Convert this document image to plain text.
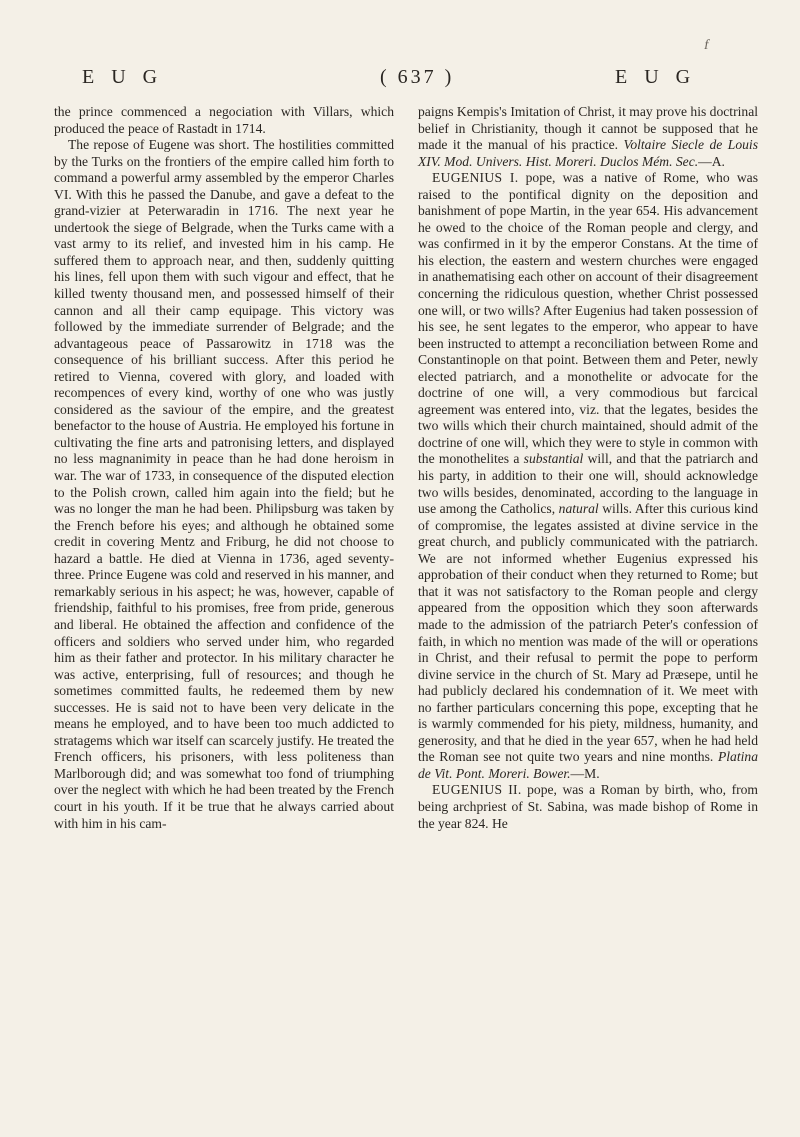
f
E U G	( 637 )	E U G

the prince commenced a negociation with Villars, which produced the peace of Rastadt in 1714.

The repose of Eugene was short. The hostilities committed by the Turks on the frontiers of the empire called him forth to command a powerful army assembled by the emperor Charles VI. With this he passed the Danube, and gave a defeat to the grand-vizier at Peterwaradin in 1716. The next year he undertook the siege of Belgrade, when the Turks came with a vast army to its relief, and invested him in his camp. He suffered them to approach near, and then, suddenly quitting his lines, fell upon them with such vigour and effect, that he killed twenty thousand men, and possessed himself of their cannon and all their camp equipage. This victory was followed by the immediate surrender of Belgrade; and the advantageous peace of Passarowitz in 1718 was the consequence of his brilliant success. After this period he retired to Vienna, covered with glory, and loaded with recompences of every kind, worthy of one who was justly considered as the saviour of the empire, and the greatest benefactor to the house of Austria. He employed his fortune in cultivating the fine arts and patronising letters, and displayed no less magnanimity in peace than he had done heroism in war. The war of 1733, in consequence of the disputed election to the Polish crown, called him again into the field; but he was no longer the man he had been. Philipsburg was taken by the French before his eyes; and although he obtained some credit in covering Mentz and Friburg, he did not choose to hazard a battle. He died at Vienna in 1736, aged seventy-three. Prince Eugene was cold and reserved in his manner, and remarkably serious in his aspect; he was, however, capable of friendship, faithful to his promises, free from pride, generous and liberal. He obtained the affection and confidence of the officers and soldiers who served under him, who regarded him as their father and protector. In his military character he was active, enterprising, full of resources; and though he sometimes committed faults, he redeemed them by new successes. He is said not to have been very delicate in the means he employed, and to have been too much addicted to stratagems which war itself can scarcely justify. He treated the French officers, his prisoners, with less politeness than Marlborough did; and was somewhat too fond of triumphing over the neglect with which he had been treated by the French court in his youth. If it be true that he always carried about with him in his cam-

paigns Kempis's Imitation of Christ, it may prove his doctrinal belief in Christianity, though it cannot be supposed that he made it the manual of his practice. Voltaire Siecle de Louis XIV. Mod. Univers. Hist. Moreri. Duclos Mém. Sec.—A.

EUGENIUS I. pope, was a native of Rome, who was raised to the pontifical dignity on the deposition and banishment of pope Martin, in the year 654. His advancement he owed to the choice of the Roman people and clergy, and was confirmed in it by the emperor Constans. At the time of his election, the eastern and western churches were engaged in anathematising each other on account of their disagreement concerning the ridiculous question, whether Christ possessed one will, or two wills? After Eugenius had taken possession of his see, he sent legates to the emperor, who appear to have been instructed to attempt a reconciliation between Rome and Constantinople on that point. Between them and Peter, newly elected patriarch, and a monothelite or advocate for the doctrine of one will, a very commodious but farcical agreement was entered into, viz. that the legates, besides the two wills which their church maintained, should admit of the doctrine of one will, which they were to style in common with the monothelites a substantial will, and that the patriarch and his party, in addition to their one will, should acknowledge two wills besides, denominated, according to the language in use among the Catholics, natural wills. After this curious kind of compromise, the legates assisted at divine service in the great church, and publicly communicated with the patriarch. We are not informed whether Eugenius expressed his approbation of their conduct when they returned to Rome; but that it was not satisfactory to the Roman people and clergy appeared from the opposition which they soon afterwards made to the admission of the patriarch Peter's confession of faith, in which no mention was made of the will or operations in Christ, and their refusal to permit the pope to perform divine service in the church of St. Mary ad Præsepe, until he had publicly declared his condemnation of it. We meet with no farther particulars concerning this pope, excepting that he is warmly commended for his piety, mildness, humanity, and generosity, and that he died in the year 657, when he had held the Roman see not quite two years and nine months. Platina de Vit. Pont. Moreri. Bower.—M.

EUGENIUS II. pope, was a Roman by birth, who, from being archpriest of St. Sabina, was made bishop of Rome in the year 824. He
